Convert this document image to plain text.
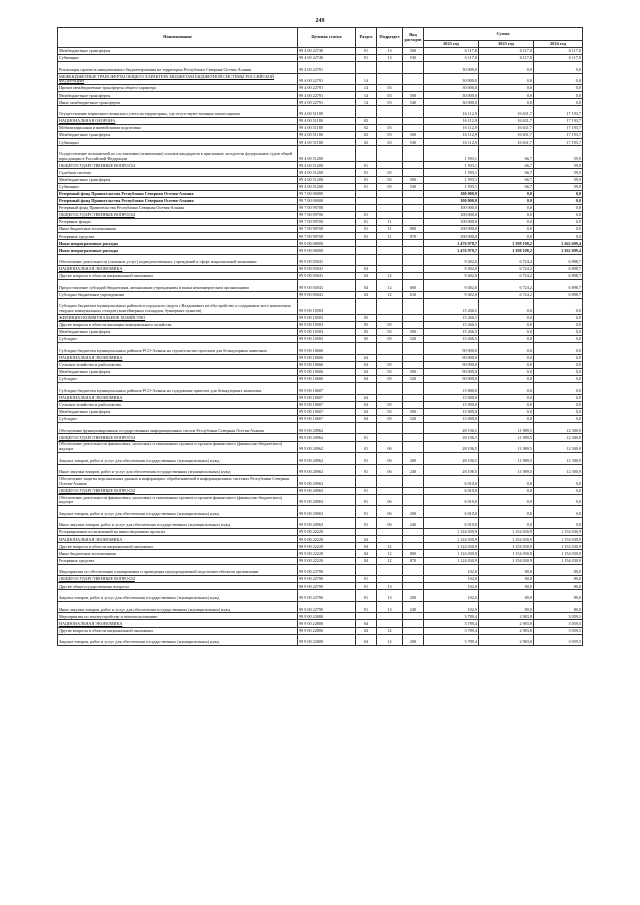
249
Наименование	Целевая статья	Раздел	Подраздел	Вид расходов	Сумма		
					2023 год	2023 год	2024 год
Межбюджетные трансферты	99 4 00 22740	01	13	500	6 117,0	6 117,0	6 117,0
Субвенции	99 4 00 22740	01	13	530	6 117,0	6 117,0	6 117,0
Реализация проектов инициативного бюджетирования на территории Республики Северная Осетия-Алания	99 4 00 22791				30 000,0	0,0	0,0
МЕЖБЮДЖЕТНЫЕ ТРАНСФЕРТЫ ОБЩЕГО ХАРАКТЕРА БЮДЖЕТАМ БЮДЖЕТНОЙ СИСТЕМЫ РОССИЙСКОЙ ФЕДЕРАЦИИ	99 4 00 22791	14			30 000,0	0,0	0,0
Прочие межбюджетные трансферты общего характера	99 4 00 22791	14	03		30 000,0	0,0	0,0
Межбюджетные трансферты	99 4 00 22791	14	03	500	30 000,0	0,0	0,0
Иные межбюджетные трансферты	99 4 00 22791	14	03	540	30 000,0	0,0	0,0
Осуществление первичного воинского учета на территориях, где отсутствуют военные комиссариаты	99 4 00 51180				16 112,9	16 631,7	17 193,7
НАЦИОНАЛЬНАЯ ОБОРОНА	99 4 00 51180	02			16 112,9	16 631,7	17 193,7
Мобилизационная и вневойсковая подготовка	99 4 00 51180	02	03		16 112,9	16 631,7	17 193,7
Межбюджетные трансферты	99 4 00 51180	02	03	500	16 112,9	16 631,7	17 193,7
Субвенции	99 4 00 51180	02	03	530	16 112,9	16 631,7	17 193,7
Осуществление полномочий по составлению (изменению) списков кандидатов в присяжные заседатели федеральных судов общей юрисдикции в Российской Федерации	99 4 00 51200				1 593,1	66,7	59,9
ОБЩЕГОСУДАРСТВЕННЫЕ ВОПРОСЫ	99 4 00 51200	01			1 593,1	66,7	59,9
Судебная система	99 4 00 51200	01	05		1 593,1	66,7	59,9
Межбюджетные трансферты	99 4 00 51200	01	05	500	1 593,1	66,7	59,9
Субвенции	99 4 00 51200	01	05	530	1 593,1	66,7	59,9
Резервный фонд Правительства Республики Северная Осетия-Алания	99 7 00 00000				100 000,0	0,0	0,0
Резервный фонд Правительства Республики Северная Осетия-Алания	99 7 00 00000				100 000,0	0,0	0,0
Резервный фонд Правительства Республики Северная Осетия-Алания	99 7 00 99700				100 000,0	0,0	0,0
ОБЩЕГОСУДАРСТВЕННЫЕ ВОПРОСЫ	99 7 00 99700	01			100 000,0	0,0	0,0
Резервные фонды	99 7 00 99700	01	11		100 000,0	0,0	0,0
Иные бюджетные ассигнования	99 7 00 99700	01	11	800	100 000,0	0,0	0,0
Резервные средства	99 7 00 99700	01	11	870	100 000,0	0,0	0,0
Иные непрограммные расходы	99 9 00 00000				1 476 978,7	1 398 108,2	1 262 699,4
Иные непрограммные расходы	99 9 00 00000				1 476 978,7	1 398 108,2	1 262 699,4
Обеспечение деятельности (оказание услуг) подведомственных учреждений в сфере национальной экономики	99 9 00 05041				9 402,0	6 724,2	6 898,7
НАЦИОНАЛЬНАЯ ЭКОНОМИКА	99 9 00 05041	04			9 402,0	6 724,2	6 898,7
Другие вопросы в области национальной экономики	99 9 00 05041	04	12		9 402,0	6 724,2	6 898,7
Предоставление субсидий бюджетным, автономным учреждениям и иным некоммерческим организациям	99 9 00 05041	04	12	600	9 402,0	6 724,2	6 898,7
Субсидии бюджетным учреждениям	99 9 00 05041	04	12	610	9 402,0	6 724,2	6 898,7
Субсидии бюджетам муниципальных районов и городского округа г.Владикавказ на обустройство и содержание мест накопления твердых коммунальных отходов (контейнерных площадок, бункерных пунктов)	99 9 00 10583				15 266,5	0,0	0,0
ЖИЛИЩНО-КОММУНАЛЬНОЕ ХОЗЯЙСТВО	99 9 00 10583	05			15 266,5	0,0	0,0
Другие вопросы в области жилищно-коммунального хозяйства	99 9 00 10583	05	05		15 266,5	0,0	0,0
Межбюджетные трансферты	99 9 00 10583	05	05	500	15 266,5	0,0	0,0
Субсидии	99 9 00 10583	05	05	520	15 266,5	0,0	0,0
Субсидии бюджетам муниципальных районов РСО-Алания на строительство прогонов для безнадзорных животных	99 9 00 10606				90 000,0	0,0	0,0
НАЦИОНАЛЬНАЯ ЭКОНОМИКА	99 9 00 10606	04			90 000,0	0,0	0,0
Сельское хозяйство и рыболовство	99 9 00 10606	04	05		90 000,0	0,0	0,0
Межбюджетные трансферты	99 9 00 10606	04	05	500	90 000,0	0,0	0,0
Субсидии	99 9 00 10606	04	05	520	90 000,0	0,0	0,0
Субсидии бюджетам муниципальных районов РСО-Алания на содержание приютов для безнадзорных животных	99 9 00 10607				15 000,0	0,0	0,0
НАЦИОНАЛЬНАЯ ЭКОНОМИКА	99 9 00 10607	04			15 000,0	0,0	0,0
Сельское хозяйство и рыболовство	99 9 00 10607	04	05		15 000,0	0,0	0,0
Межбюджетные трансферты	99 9 00 10607	04	05	500	15 000,0	0,0	0,0
Субсидии	99 9 00 10607	04	05	520	15 000,0	0,0	0,0
Обеспечение функционирования государственных информационных систем Республики Северная Осетия-Алания	99 9 00 20962				28 196,5	11 989,5	12 300,9
ОБЩЕГОСУДАРСТВЕННЫЕ ВОПРОСЫ	99 9 00 20962	01			28 196,5	11 989,5	12 300,9
Обеспечение деятельности финансовых, налоговых и таможенных органов и органов финансового (финансово-бюджетного) надзора	99 9 00 20962	01	06		28 196,5	11 989,5	12 300,9
Закупка товаров, работ и услуг для обеспечения государственных (муниципальных) нужд	99 9 00 20962	01	06	200	28 196,5	11 989,5	12 300,9
Иные закупки товаров, работ и услуг для обеспечения государственных (муниципальных) нужд	99 9 00 20962	01	06	240	28 196,5	11 989,5	12 300,9
Обеспечение защиты персональных данных и информации, обрабатываемой в информационных системах Республики Северная Осетия-Алания	99 9 00 20963				6 010,0	0,0	0,0
ОБЩЕГОСУДАРСТВЕННЫЕ ВОПРОСЫ	99 9 00 20963	01			6 010,0	0,0	0,0
Обеспечение деятельности финансовых, налоговых и таможенных органов и органов финансового (финансово-бюджетного) надзора	99 9 00 20963	01	06		6 010,0	0,0	0,0
Закупка товаров, работ и услуг для обеспечения государственных (муниципальных) нужд	99 9 00 20963	01	06	200	6 010,0	0,0	0,0
Иные закупки товаров, работ и услуг для обеспечения государственных (муниципальных) нужд	99 9 00 20963	01	06	240	6 010,0	0,0	0,0
Резервирование ассигнований на инвестиционные проекты	99 9 00 22220				1 124 030,9	1 154 030,9	1 154 030,9
НАЦИОНАЛЬНАЯ ЭКОНОМИКА	99 9 00 22220	04			1 124 030,9	1 154 030,9	1 154 030,9
Другие вопросы в области национальной экономики	99 9 00 22220	04	12		1 124 030,9	1 154 030,9	1 154 030,9
Иные бюджетные ассигнования	99 9 00 22220	04	12	800	1 124 030,9	1 154 030,9	1 154 030,9
Резервные средства	99 9 00 22220	04	12	870	1 124 030,9	1 154 030,9	1 154 030,9
Мероприятия по обеспечению планирования и проведения предпраздничной подготовки объектов организации	99 9 00 22790				102,0	80,0	80,0
ОБЩЕГОСУДАРСТВЕННЫЕ ВОПРОСЫ	99 9 00 22790	01			102,0	80,0	80,0
Другие общегосударственные вопросы	99 9 00 22790	01	13		102,0	80,0	80,0
Закупка товаров, работ и услуг для обеспечения государственных (муниципальных) нужд	99 9 00 22790	01	13	200	102,0	80,0	80,0
Иные закупки товаров, работ и услуг для обеспечения государственных (муниципальных) нужд	99 9 00 22790	01	13	240	102,0	80,0	80,0
Мероприятия по землеустройству и землепользованию	99 9 00 22800				3 789,4	2 983,8	3 059,5
НАЦИОНАЛЬНАЯ ЭКОНОМИКА	99 9 00 22800	04			3 789,4	2 983,8	3 059,5
Другие вопросы в области национальной экономики	99 9 00 22800	04	12		3 789,4	2 983,8	3 059,5
Закупка товаров, работ и услуг для обеспечения государственных (муниципальных) нужд	99 9 00 22800	04	12	200	3 789,4	2 983,8	3 059,5
